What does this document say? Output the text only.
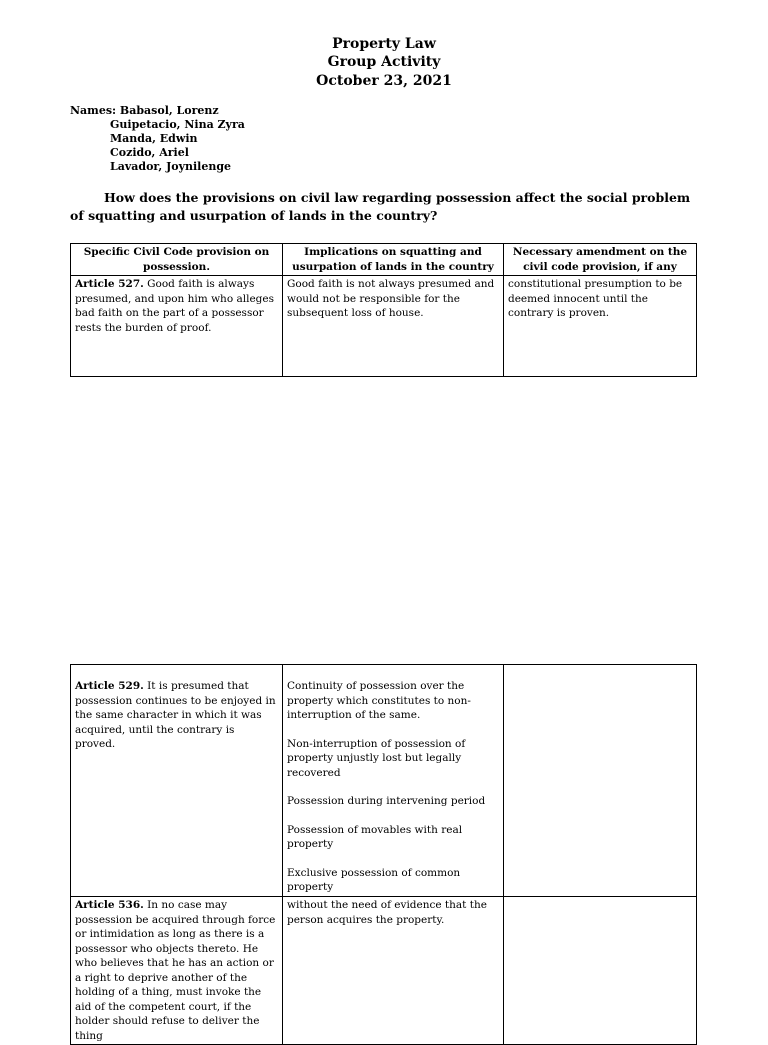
Property Law
Group Activity
October 23, 2021
Names: Babasol, Lorenz
Guipetacio, Nina Zyra
Manda, Edwin
Cozido, Ariel
Lavador, Joynilenge
How does the provisions on civil law regarding possession affect the social problem of squatting and usurpation of lands in the country?
Specific Civil Code provision on possession.	Implications on squatting and usurpation of lands in the country	Necessary amendment on the civil code provision, if any
Article 527. Good faith is always presumed, and upon him who alleges bad faith on the part of a possessor rests the burden of proof.	Good faith is not always presumed and would not be responsible for the subsequent loss of house.	constitutional presumption to be deemed innocent until the contrary is proven.
Article 529. It is presumed that possession continues to be enjoyed in the same character in which it was acquired, until the contrary is proved.	Continuity of possession over the property which constitutes to non-interruption of the same.

Non-interruption of possession of property unjustly lost but legally recovered

Possession during intervening period

Possession of movables with real property

Exclusive possession of common property	

Article 536. In no case may possession be acquired through force or intimidation as long as there is a possessor who objects thereto. He who believes that he has an action or a right to deprive another of the holding of a thing, must invoke the aid of the competent court, if the holder should refuse to deliver the thing	without the need of evidence that the person acquires the property.	
